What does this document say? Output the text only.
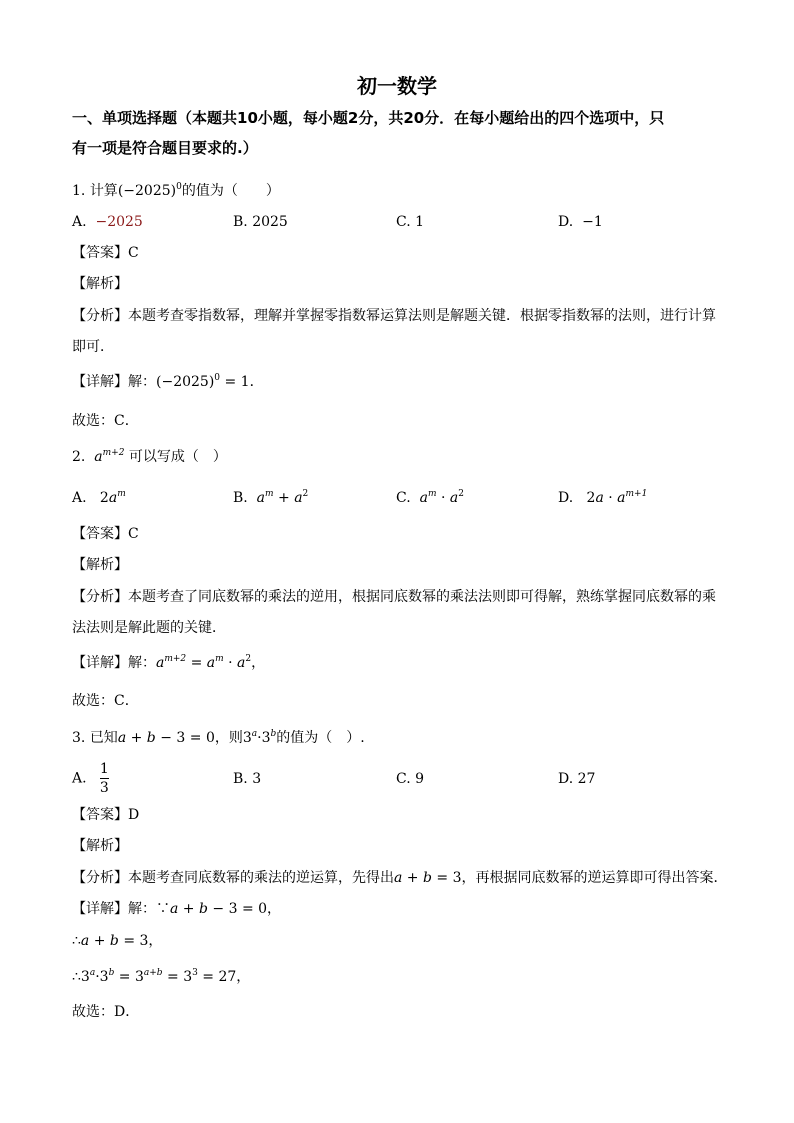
初一数学
一、单项选择题（本题共10小题，每小题2分，共20分．在每小题给出的四个选项中，只
有一项是符合题目要求的.）
1. 计算$(-2025)^0$的值为（　　）
A. −2025	B. 2025	C. 1	D. −1
【答案】C
【解析】
【分析】本题考查零指数幂，理解并掌握零指数幂运算法则是解题关键．根据零指数幂的法则，进行计算
即可．
【详解】解：$(-2025)^0 = 1$．
故选：C．
2. $a^{m+2}$ 可以写成（　）
A. $2a^m$	B. $a^m + a^2$	C. $a^m \cdot a^2$	D. $2a \cdot a^{m+1}$
【答案】C
【解析】
【分析】本题考查了同底数幂的乘法的逆用，根据同底数幂的乘法法则即可得解，熟练掌握同底数幂的乘
法法则是解此题的关键．
【详解】解：$a^{m+2} = a^m \cdot a^2$，
故选：C．
3. 已知a + b − 3 = 0，则$3^a\cdot 3^b$的值为（　）.
A. $\frac{1}{3}$	B. 3	C. 9	D. 27
【答案】D
【解析】
【分析】本题考查同底数幂的乘法的逆运算，先得出a + b = 3，再根据同底数幂的逆运算即可得出答案．
【详解】解：∵a + b − 3 = 0，
∴a + b = 3，
$\therefore 3^a\cdot 3^b = 3^{a+b} = 3^3 = 27$，
故选：D．
